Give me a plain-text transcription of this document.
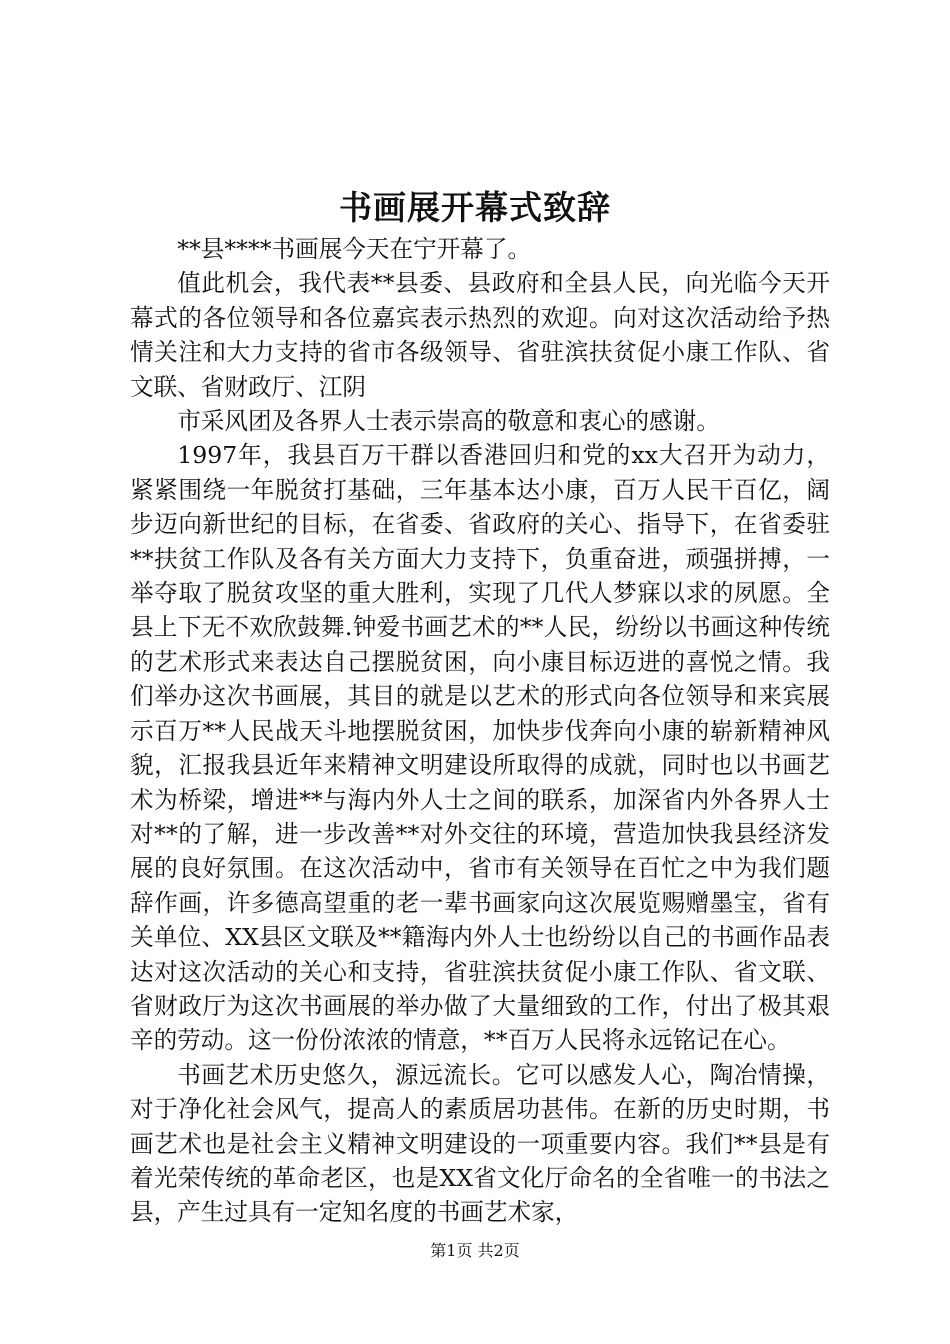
书画展开幕式致辞

**县****书画展今天在宁开幕了。

值此机会，我代表**县委、县政府和全县人民，向光临今天开幕式的各位领导和各位嘉宾表示热烈的欢迎。向对这次活动给予热情关注和大力支持的省市各级领导、省驻滨扶贫促小康工作队、省文联、省财政厅、江阴

市采风团及各界人士表示崇高的敬意和衷心的感谢。

1997年，我县百万干群以香港回归和党的xx大召开为动力，紧紧围绕一年脱贫打基础，三年基本达小康，百万人民干百亿，阔步迈向新世纪的目标，在省委、省政府的关心、指导下，在省委驻**扶贫工作队及各有关方面大力支持下，负重奋进，顽强拼搏，一举夺取了脱贫攻坚的重大胜利，实现了几代人梦寐以求的夙愿。全县上下无不欢欣鼓舞.钟爱书画艺术的**人民，纷纷以书画这种传统的艺术形式来表达自己摆脱贫困，向小康目标迈进的喜悦之情。我们举办这次书画展，其目的就是以艺术的形式向各位领导和来宾展示百万**人民战天斗地摆脱贫困，加快步伐奔向小康的崭新精神风貌，汇报我县近年来精神文明建设所取得的成就，同时也以书画艺术为桥梁，增进**与海内外人士之间的联系，加深省内外各界人士对**的了解，进一步改善**对外交往的环境，营造加快我县经济发展的良好氛围。在这次活动中，省市有关领导在百忙之中为我们题辞作画，许多德高望重的老一辈书画家向这次展览赐赠墨宝，省有关单位、XX县区文联及**籍海内外人士也纷纷以自己的书画作品表达对这次活动的关心和支持，省驻滨扶贫促小康工作队、省文联、省财政厅为这次书画展的举办做了大量细致的工作，付出了极其艰辛的劳动。这一份份浓浓的情意，**百万人民将永远铭记在心。

书画艺术历史悠久，源远流长。它可以感发人心，陶冶情操，对于净化社会风气，提高人的素质居功甚伟。在新的历史时期，书画艺术也是社会主义精神文明建设的一项重要内容。我们**县是有着光荣传统的革命老区，也是XX省文化厅命名的全省唯一的书法之县，产生过具有一定知名度的书画艺术家，

第1页 共2页
